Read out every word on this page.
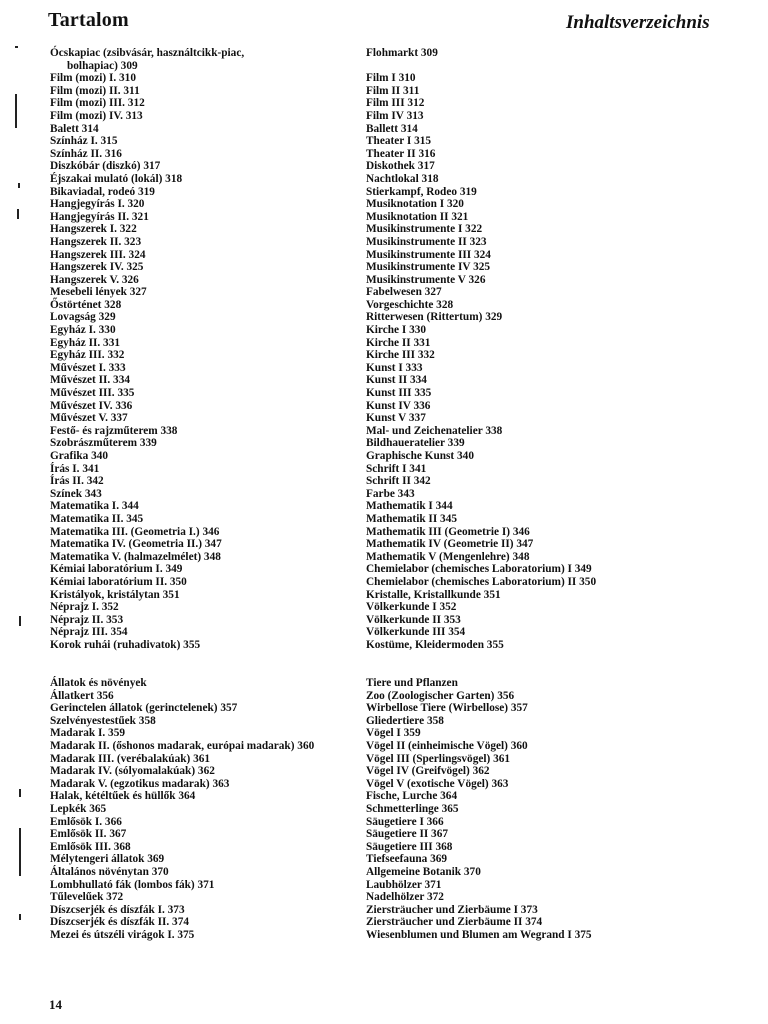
Tartalom	Inhaltsverzeichnis
Ócskapiac (zsibvásár, használtcikk-piac,
bolhapiac) 309
Film (mozi) I. 310
Film (mozi) II. 311
Film (mozi) III. 312
Film (mozi) IV. 313
Balett 314
Színház I. 315
Színház II. 316
Diszkóbár (diszkó) 317
Éjszakai mulató (lokál) 318
Bikaviadal, rodeó 319
Hangjegyírás I. 320
Hangjegyírás II. 321
Hangszerek I. 322
Hangszerek II. 323
Hangszerek III. 324
Hangszerek IV. 325
Hangszerek V. 326
Mesebeli lények 327
Őstörténet 328
Lovagság 329
Egyház I. 330
Egyház II. 331
Egyház III. 332
Művészet I. 333
Művészet II. 334
Művészet III. 335
Művészet IV. 336
Művészet V. 337
Festő- és rajzműterem 338
Szobrászműterem 339
Grafika 340
Írás I. 341
Írás II. 342
Színek 343
Matematika I. 344
Matematika II. 345
Matematika III. (Geometria I.) 346
Matematika IV. (Geometria II.) 347
Matematika V. (halmazelmélet) 348
Kémiai laboratórium I. 349
Kémiai laboratórium II. 350
Kristályok, kristálytan 351
Néprajz I. 352
Néprajz II. 353
Néprajz III. 354
Korok ruhái (ruhadivatok) 355
Flohmarkt 309

Film I 310
Film II 311
Film III 312
Film IV 313
Ballett 314
Theater I 315
Theater II 316
Diskothek 317
Nachtlokal 318
Stierkampf, Rodeo 319
Musiknotation I 320
Musiknotation II 321
Musikinstrumente I 322
Musikinstrumente II 323
Musikinstrumente III 324
Musikinstrumente IV 325
Musikinstrumente V 326
Fabelwesen 327
Vorgeschichte 328
Ritterwesen (Rittertum) 329
Kirche I 330
Kirche II 331
Kirche III 332
Kunst I 333
Kunst II 334
Kunst III 335
Kunst IV 336
Kunst V 337
Mal- und Zeichenatelier 338
Bildhaueratelier 339
Graphische Kunst 340
Schrift I 341
Schrift II 342
Farbe 343
Mathematik I 344
Mathematik II 345
Mathematik III (Geometrie I) 346
Mathematik IV (Geometrie II) 347
Mathematik V (Mengenlehre) 348
Chemielabor (chemisches Laboratorium) I 349
Chemielabor (chemisches Laboratorium) II 350
Kristalle, Kristallkunde 351
Völkerkunde I 352
Völkerkunde II 353
Völkerkunde III 354
Kostüme, Kleidermoden 355
Állatok és növények
Állatkert 356
Gerinctelen állatok (gerinctelenek) 357
Szelvényestestűek 358
Madarak I. 359
Madarak II. (őshonos madarak, európai madarak) 360
Madarak III. (verébalakúak) 361
Madarak IV. (sólyomalakúak) 362
Madarak V. (egzotikus madarak) 363
Halak, kétéltűek és hüllők 364
Lepkék 365
Emlősök I. 366
Emlősök II. 367
Emlősök III. 368
Mélytengeri állatok 369
Általános növénytan 370
Lombhullató fák (lombos fák) 371
Tűlevelűek 372
Díszcserjék és díszfák I. 373
Díszcserjék és díszfák II. 374
Mezei és útszéli virágok I. 375
Tiere und Pflanzen
Zoo (Zoologischer Garten) 356
Wirbellose Tiere (Wirbellose) 357
Gliedertiere 358
Vögel I 359
Vögel II (einheimische Vögel) 360
Vögel III (Sperlingsvögel) 361
Vögel IV (Greifvögel) 362
Vögel V (exotische Vögel) 363
Fische, Lurche 364
Schmetterlinge 365
Säugetiere I 366
Säugetiere II 367
Säugetiere III 368
Tiefseefauna 369
Allgemeine Botanik 370
Laubhölzer 371
Nadelhölzer 372
Ziersträucher und Zierbäume I 373
Ziersträucher und Zierbäume II 374
Wiesenblumen und Blumen am Wegrand I 375
14
